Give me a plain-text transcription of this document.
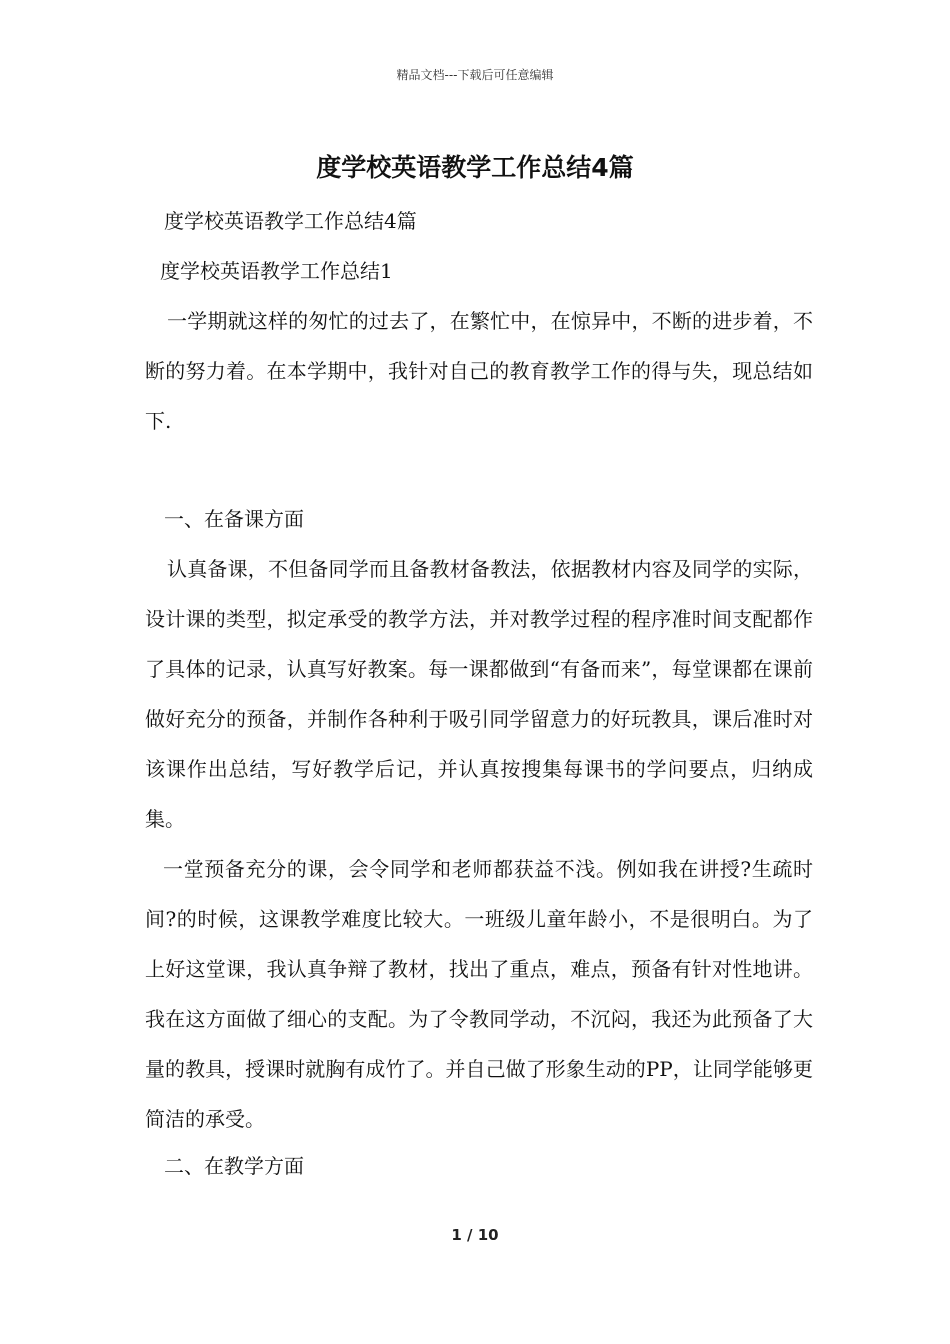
精品文档---下载后可任意编辑
度学校英语教学工作总结4篇
度学校英语教学工作总结4篇
度学校英语教学工作总结1
一学期就这样的匆忙的过去了，在繁忙中，在惊异中，不断的进步着，不断的努力着。在本学期中，我针对自己的教育教学工作的得与失，现总结如下.
一、在备课方面
认真备课，不但备同学而且备教材备教法，依据教材内容及同学的实际，设计课的类型，拟定承受的教学方法，并对教学过程的程序准时间支配都作了具体的记录，认真写好教案。每一课都做到“有备而来”，每堂课都在课前做好充分的预备，并制作各种利于吸引同学留意力的好玩教具，课后准时对该课作出总结，写好教学后记，并认真按搜集每课书的学问要点，归纳成集。
一堂预备充分的课，会令同学和老师都获益不浅。例如我在讲授?生疏时间?的时候，这课教学难度比较大。一班级儿童年龄小，不是很明白。为了上好这堂课，我认真争辩了教材，找出了重点，难点，预备有针对性地讲。我在这方面做了细心的支配。为了令教同学动，不沉闷，我还为此预备了大量的教具，授课时就胸有成竹了。并自己做了形象生动的PP，让同学能够更简洁的承受。
二、在教学方面
1 / 10
